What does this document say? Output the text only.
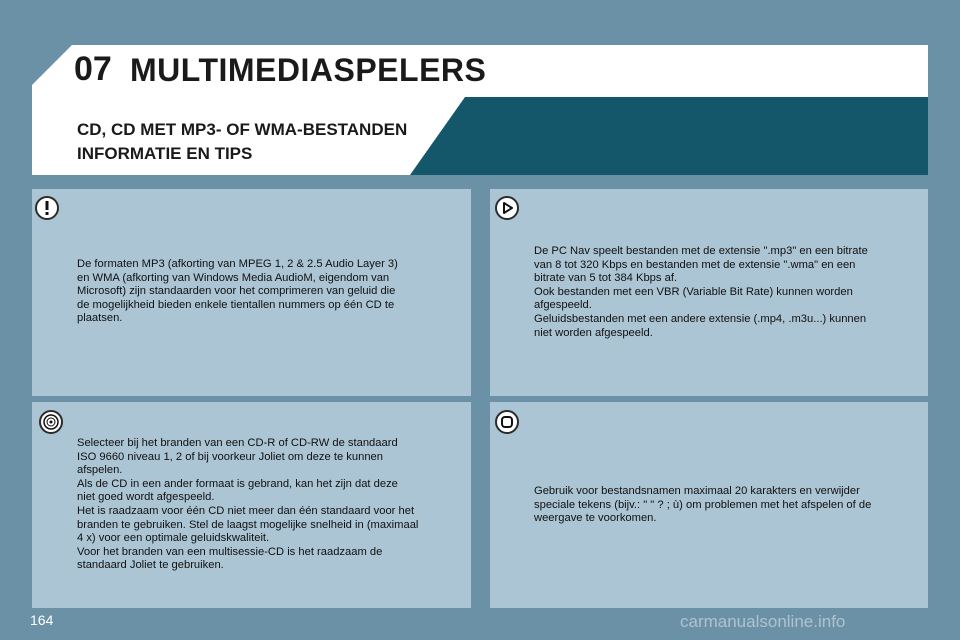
07 MULTIMEDIASPELERS
CD, CD MET MP3- OF WMA-BESTANDEN
INFORMATIE EN TIPS
De formaten MP3 (afkorting van MPEG 1, 2 & 2.5 Audio Layer 3)
en WMA (afkorting van Windows Media AudioM, eigendom van
Microsoft) zijn standaarden voor het comprimeren van geluid die
de mogelijkheid bieden enkele tientallen nummers op één CD te
plaatsen.
De PC Nav speelt bestanden met de extensie ".mp3" en een bitrate
van 8 tot 320 Kbps en bestanden met de extensie ".wma" en een
bitrate van 5 tot 384 Kbps af.
Ook bestanden met een VBR (Variable Bit Rate) kunnen worden
afgespeeld.
Geluidsbestanden met een andere extensie (.mp4, .m3u...) kunnen
niet worden afgespeeld.
Selecteer bij het branden van een CD-R of CD-RW de standaard
ISO 9660 niveau 1, 2 of bij voorkeur Joliet om deze te kunnen
afspelen.
Als de CD in een ander formaat is gebrand, kan het zijn dat deze
niet goed wordt afgespeeld.
Het is raadzaam voor één CD niet meer dan één standaard voor het
branden te gebruiken. Stel de laagst mogelijke snelheid in (maximaal
4 x) voor een optimale geluidskwaliteit.
Voor het branden van een multisessie-CD is het raadzaam de
standaard Joliet te gebruiken.
Gebruik voor bestandsnamen maximaal 20 karakters en verwijder
speciale tekens (bijv.: " " ? ; ù) om problemen met het afspelen of de
weergave te voorkomen.
164	carmanualsonline.info
